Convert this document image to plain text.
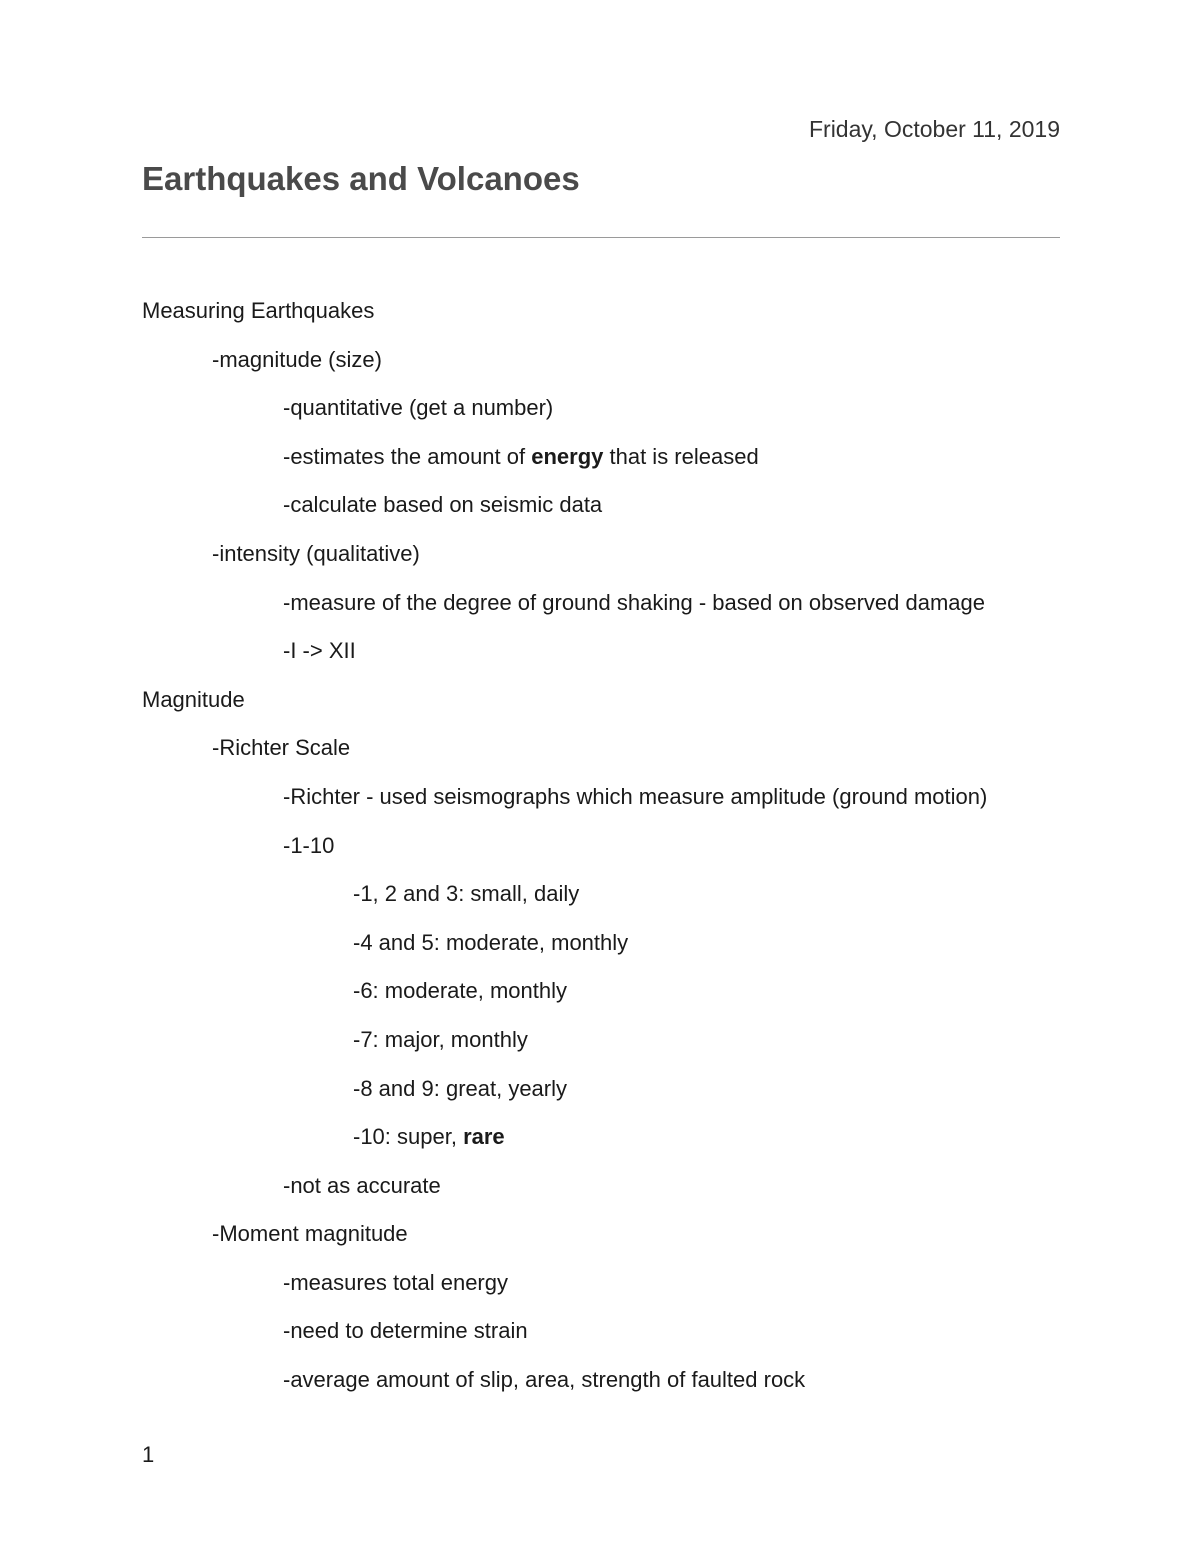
Friday, October 11, 2019
Earthquakes and Volcanoes
Measuring Earthquakes
-magnitude (size)
-quantitative (get a number)
-estimates the amount of energy that is released
-calculate based on seismic data
-intensity (qualitative)
-measure of the degree of ground shaking - based on observed damage
-I -> XII
Magnitude
-Richter Scale
-Richter - used seismographs which measure amplitude (ground motion)
-1-10
-1, 2 and 3: small, daily
-4 and 5: moderate, monthly
-6: moderate, monthly
-7: major, monthly
-8 and 9: great, yearly
-10: super, rare
-not as accurate
-Moment magnitude
-measures total energy
-need to determine strain
-average amount of slip, area, strength of faulted rock
1
